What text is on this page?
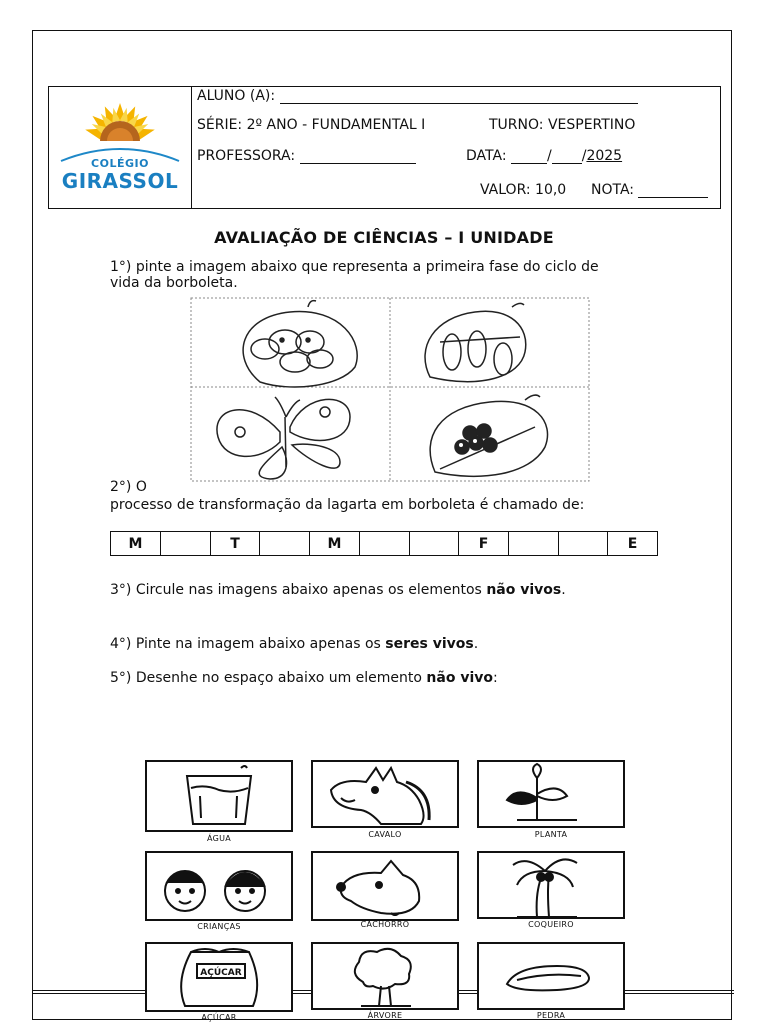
COLÉGIO
GIRASSOL
ALUNO (A):
SÉRIE: 2º ANO - FUNDAMENTAL I	TURNO: VESPERTINO
PROFESSORA:	DATA:	/ /2025
VALOR: 10,0 NOTA:
AVALIAÇÃO DE CIÊNCIAS – I UNIDADE
1°) pinte a imagem abaixo que representa a primeira fase do ciclo de
vida da borboleta.
2°) O
processo de transformação da lagarta em borboleta é chamado de:
M		T		M			F			E
3°) Circule nas imagens abaixo apenas os elementos não vivos.
4°) Pinte na imagem abaixo apenas os seres vivos.
5°) Desenhe no espaço abaixo um elemento não vivo:
ÁGUA	CAVALO	PLANTA
CRIANÇAS	CACHORRO	COQUEIRO
AÇÚCAR
AÇÚCAR	ÁRVORE	PEDRA
